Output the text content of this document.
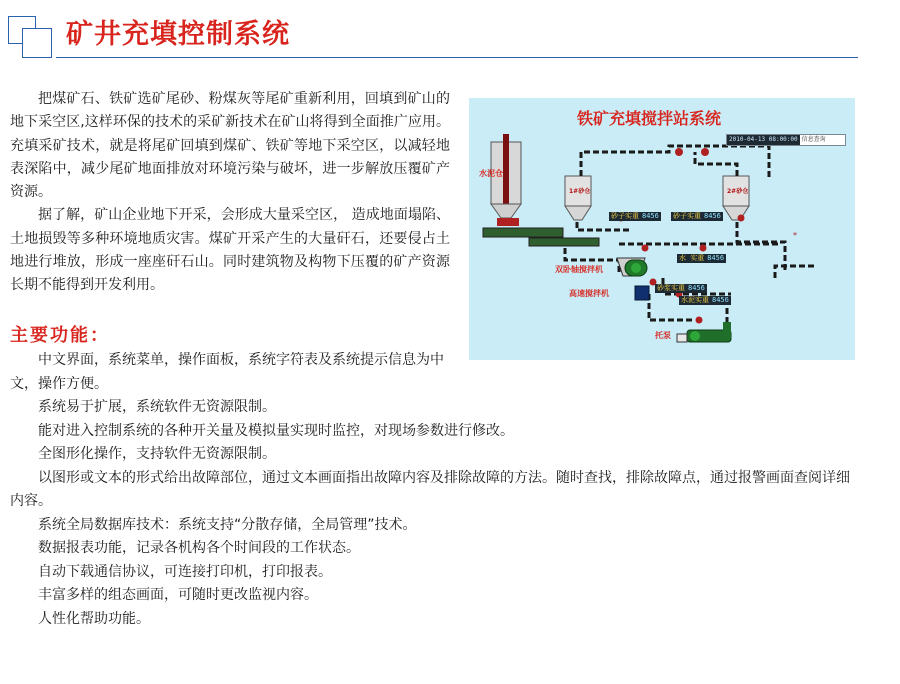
矿井充填控制系统

把煤矿石、铁矿选矿尾砂、粉煤灰等尾矿重新利用，回填到矿山的地下采空区,这样环保的技术的采矿新技术在矿山将得到全面推广应用。充填采矿技术，就是将尾矿回填到煤矿、铁矿等地下采空区，以减轻地表深陷中，减少尾矿地面排放对环境污染与破坏，进一步解放压覆矿产资源。

据了解，矿山企业地下开采，会形成大量采空区， 造成地面塌陷、土地损毁等多种环境地质灾害。煤矿开采产生的大量矸石，还要侵占土地进行堆放，形成一座座矸石山。同时建筑物及构物下压覆的矿产资源长期不能得到开发利用。

*
铁矿充填搅拌站系统
2010-04-13 08:00:00 信息查询
水泥仓
1#砂仓	2#砂仓
砂子实重 8456 砂子实重 8456
水 实重 8456
砂浆实重 8456
水泥实重 8456
双卧轴搅拌机
高速搅拌机
托泵
主要功能：
中文界面，系统菜单，操作面板，系统字符表及系统提示信息为中文，操作方便。
系统易于扩展，系统软件无资源限制。
能对进入控制系统的各种开关量及模拟量实现时监控，对现场参数进行修改。
全图形化操作，支持软件无资源限制。
以图形或文本的形式给出故障部位，通过文本画面指出故障内容及排除故障的方法。随时查找，排除故障点，通过报警画面查阅详细内容。
系统全局数据库技术：系统支持“分散存储，全局管理”技术。
数据报表功能，记录各机构各个时间段的工作状态。
自动下载通信协议，可连接打印机，打印报表。
丰富多样的组态画面，可随时更改监视内容。
人性化帮助功能。
